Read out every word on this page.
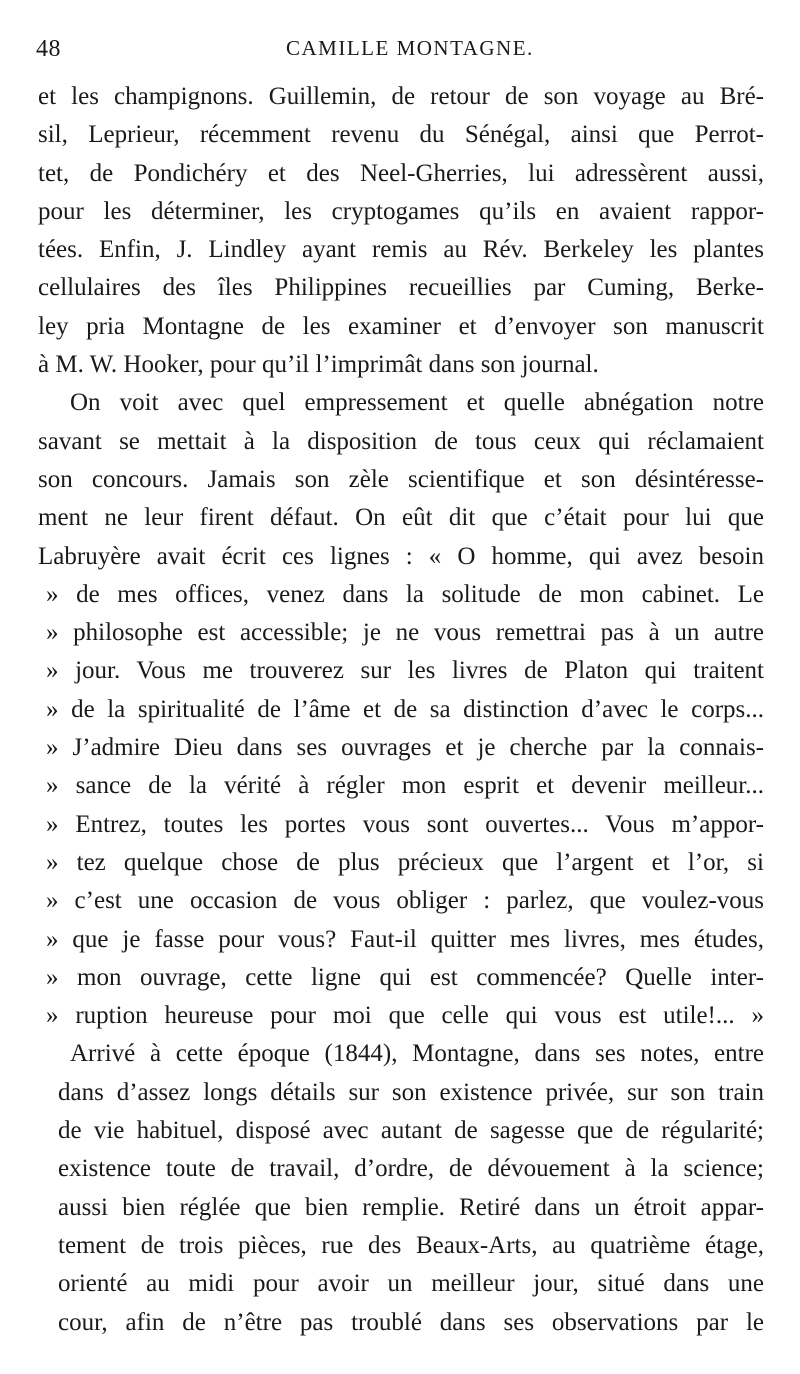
48	CAMILLE MONTAGNE.
et les champignons. Guillemin, de retour de son voyage au Bré-
sil, Leprieur, récemment revenu du Sénégal, ainsi que Perrot-
tet, de Pondichéry et des Neel-Gherries, lui adressèrent aussi,
pour les déterminer, les cryptogames qu’ils en avaient rappor-
tées. Enfin, J. Lindley ayant remis au Rév. Berkeley les plantes
cellulaires des îles Philippines recueillies par Cuming, Berke-
ley pria Montagne de les examiner et d’envoyer son manuscrit
à M. W. Hooker, pour qu’il l’imprimât dans son journal.
On voit avec quel empressement et quelle abnégation notre
savant se mettait à la disposition de tous ceux qui réclamaient
son concours. Jamais son zèle scientifique et son désintéresse-
ment ne leur firent défaut. On eût dit que c’était pour lui que
Labruyère avait écrit ces lignes : « O homme, qui avez besoin
» de mes offices, venez dans la solitude de mon cabinet. Le
» philosophe est accessible; je ne vous remettrai pas à un autre
» jour. Vous me trouverez sur les livres de Platon qui traitent
» de la spiritualité de l’âme et de sa distinction d’avec le corps...
» J’admire Dieu dans ses ouvrages et je cherche par la connais-
» sance de la vérité à régler mon esprit et devenir meilleur...
» Entrez, toutes les portes vous sont ouvertes... Vous m’appor-
» tez quelque chose de plus précieux que l’argent et l’or, si
» c’est une occasion de vous obliger : parlez, que voulez-vous
» que je fasse pour vous? Faut-il quitter mes livres, mes études,
» mon ouvrage, cette ligne qui est commencée? Quelle inter-
» ruption heureuse pour moi que celle qui vous est utile!... »
Arrivé à cette époque (1844), Montagne, dans ses notes, entre
dans d’assez longs détails sur son existence privée, sur son train
de vie habituel, disposé avec autant de sagesse que de régularité;
existence toute de travail, d’ordre, de dévouement à la science;
aussi bien réglée que bien remplie. Retiré dans un étroit appar-
tement de trois pièces, rue des Beaux-Arts, au quatrième étage,
orienté au midi pour avoir un meilleur jour, situé dans une
cour, afin de n’être pas troublé dans ses observations par le
